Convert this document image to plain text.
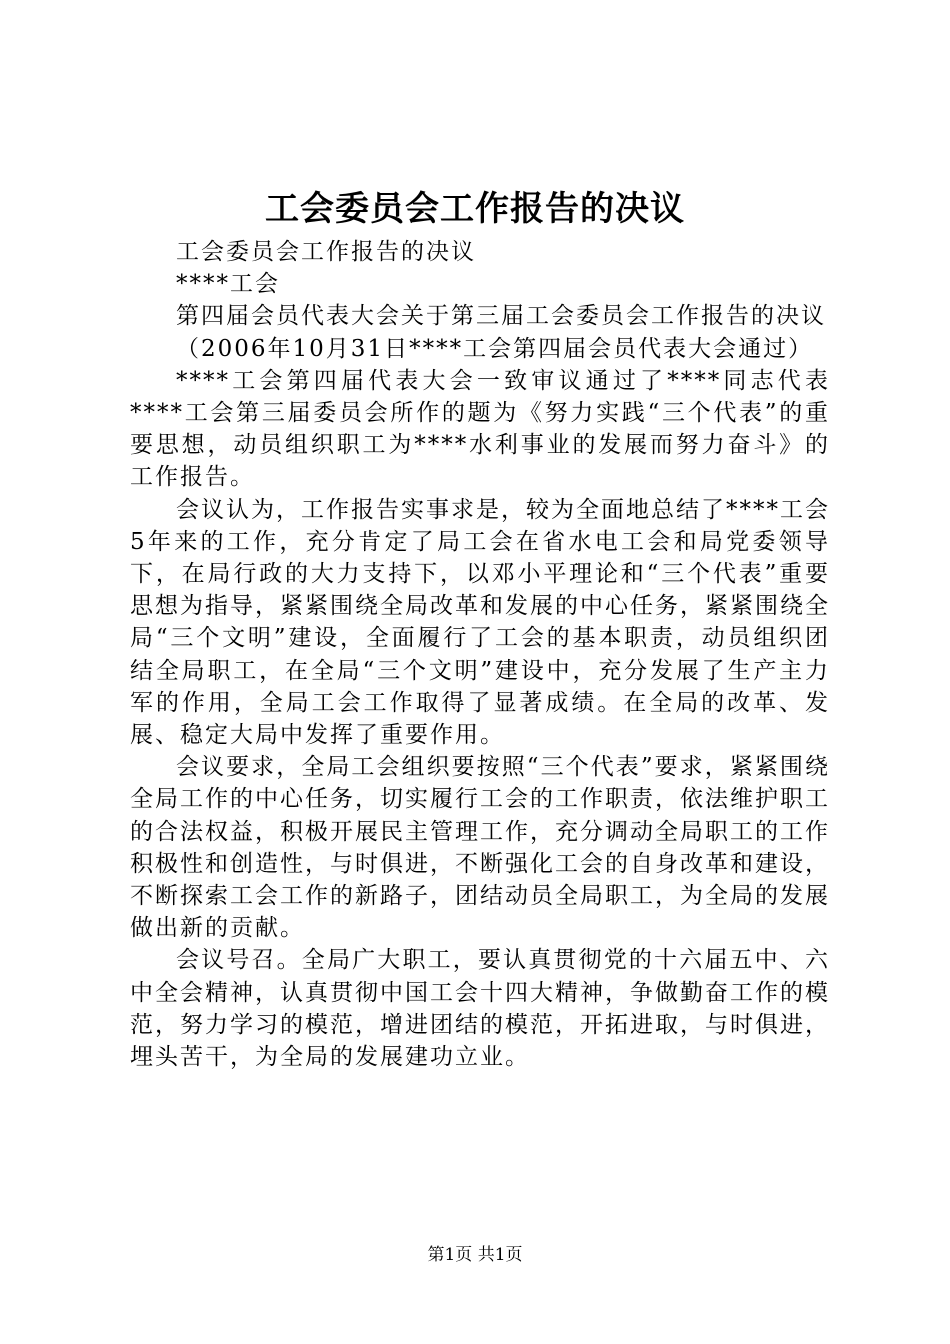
工会委员会工作报告的决议

工会委员会工作报告的决议

****工会

第四届会员代表大会关于第三届工会委员会工作报告的决议

（2006年10月31日****工会第四届会员代表大会通过）

****工会第四届代表大会一致审议通过了****同志代表****工会第三届委员会所作的题为《努力实践“三个代表”的重要思想，动员组织职工为****水利事业的发展而努力奋斗》的工作报告。

会议认为，工作报告实事求是，较为全面地总结了****工会5年来的工作，充分肯定了局工会在省水电工会和局党委领导下，在局行政的大力支持下，以邓小平理论和“三个代表”重要思想为指导，紧紧围绕全局改革和发展的中心任务，紧紧围绕全局“三个文明”建设，全面履行了工会的基本职责，动员组织团结全局职工，在全局“三个文明”建设中，充分发展了生产主力军的作用，全局工会工作取得了显著成绩。在全局的改革、发展、稳定大局中发挥了重要作用。

会议要求，全局工会组织要按照“三个代表”要求，紧紧围绕全局工作的中心任务，切实履行工会的工作职责，依法维护职工的合法权益，积极开展民主管理工作，充分调动全局职工的工作积极性和创造性，与时俱进，不断强化工会的自身改革和建设，不断探索工会工作的新路子，团结动员全局职工，为全局的发展做出新的贡献。

会议号召。全局广大职工，要认真贯彻党的十六届五中、六中全会精神，认真贯彻中国工会十四大精神，争做勤奋工作的模范，努力学习的模范，增进团结的模范，开拓进取，与时俱进，埋头苦干，为全局的发展建功立业。

第1页 共1页
